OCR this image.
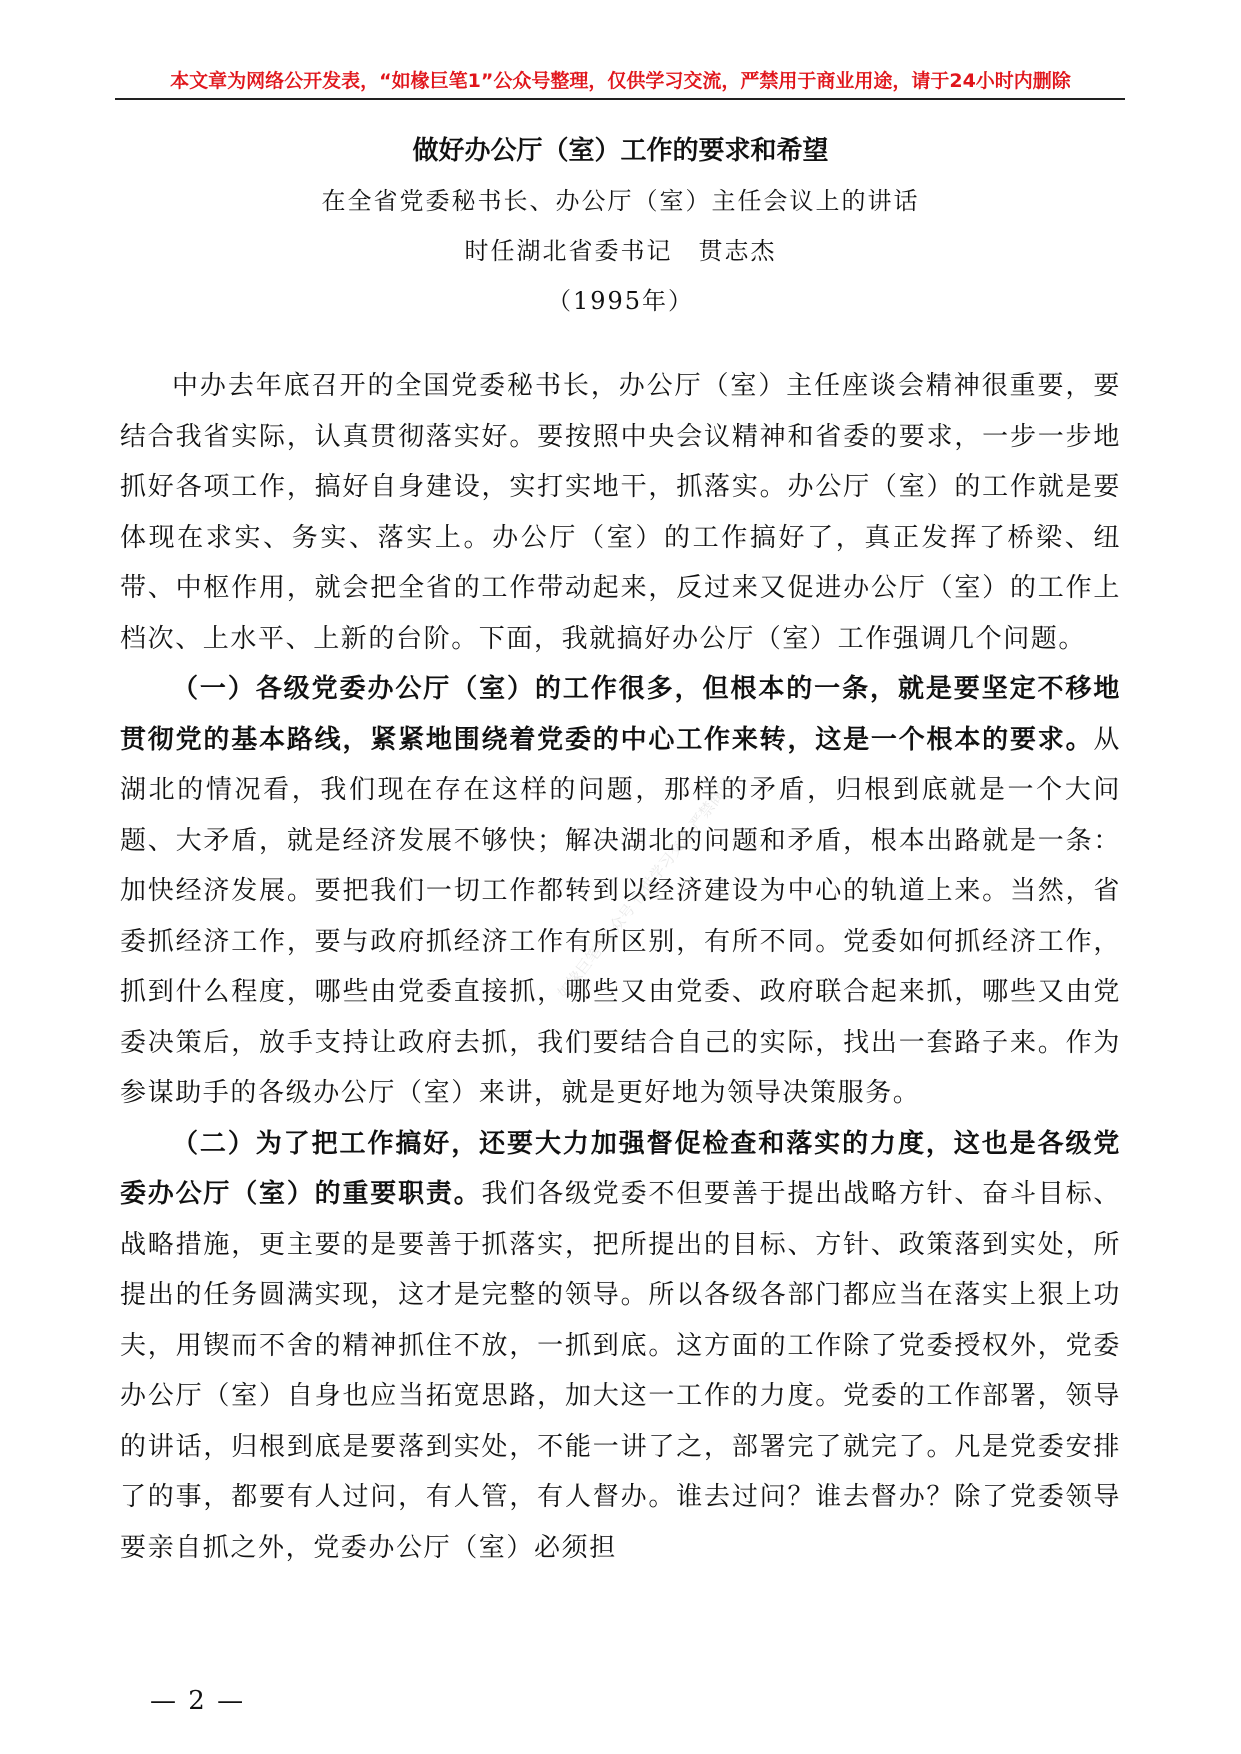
本文章为网络公开发表，“如椽巨笔1”公众号整理，仅供学习交流，严禁用于商业用途，请于24小时内删除
做好办公厅（室）工作的要求和希望
在全省党委秘书长、办公厅（室）主任会议上的讲话
时任湖北省委书记　贯志杰
（1995年）

中办去年底召开的全国党委秘书长，办公厅（室）主任座谈会精神很重要，要结合我省实际，认真贯彻落实好。要按照中央会议精神和省委的要求，一步一步地抓好各项工作，搞好自身建设，实打实地干，抓落实。办公厅（室）的工作就是要体现在求实、务实、落实上。办公厅（室）的工作搞好了，真正发挥了桥梁、纽带、中枢作用，就会把全省的工作带动起来，反过来又促进办公厅（室）的工作上档次、上水平、上新的台阶。下面，我就搞好办公厅（室）工作强调几个问题。

（一）各级党委办公厅（室）的工作很多，但根本的一条，就是要坚定不移地贯彻党的基本路线，紧紧地围绕着党委的中心工作来转，这是一个根本的要求。从湖北的情况看，我们现在存在这样的问题，那样的矛盾，归根到底就是一个大问题、大矛盾，就是经济发展不够快；解决湖北的问题和矛盾，根本出路就是一条：加快经济发展。要把我们一切工作都转到以经济建设为中心的轨道上来。当然，省委抓经济工作，要与政府抓经济工作有所区别，有所不同。党委如何抓经济工作，抓到什么程度，哪些由党委直接抓，哪些又由党委、政府联合起来抓，哪些又由党委决策后，放手支持让政府去抓，我们要结合自己的实际，找出一套路子来。作为参谋助手的各级办公厅（室）来讲，就是更好地为领导决策服务。

（二）为了把工作搞好，还要大力加强督促检查和落实的力度，这也是各级党委办公厅（室）的重要职责。我们各级党委不但要善于提出战略方针、奋斗目标、战略措施，更主要的是要善于抓落实，把所提出的目标、方针、政策落到实处，所提出的任务圆满实现，这才是完整的领导。所以各级各部门都应当在落实上狠上功夫，用锲而不舍的精神抓住不放，一抓到底。这方面的工作除了党委授权外，党委办公厅（室）自身也应当拓宽思路，加大这一工作的力度。党委的工作部署，领导的讲话，归根到底是要落到实处，不能一讲了之，部署完了就完了。凡是党委安排了的事，都要有人过问，有人管，有人督办。谁去过问？谁去督办？除了党委领导要亲自抓之外，党委办公厅（室）必须担

如椽巨笔1公众号 仅供学习交流 严禁商用
— 2 —
